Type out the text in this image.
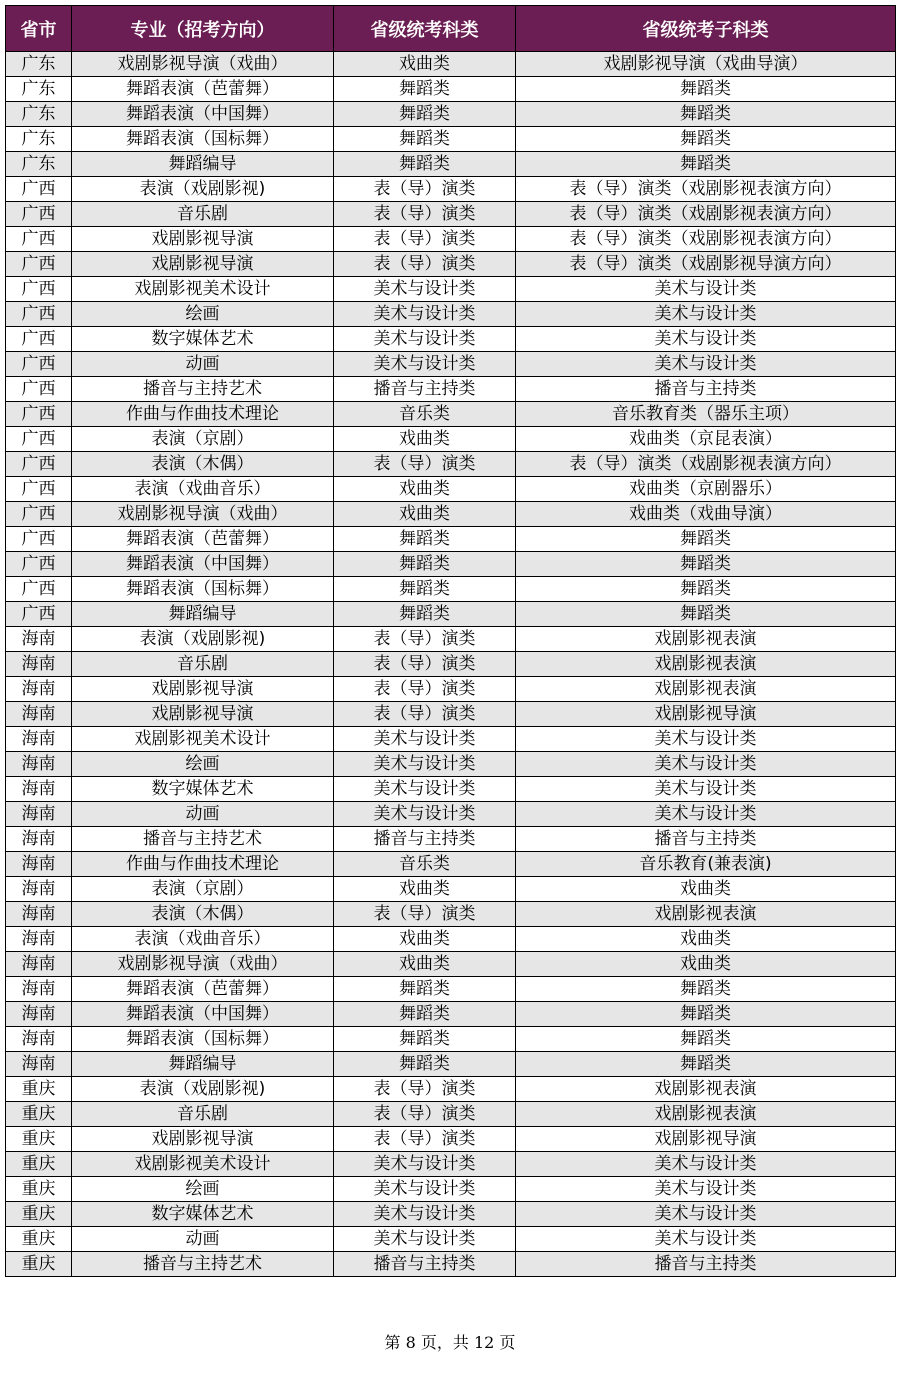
省市	专业（招考方向）	省级统考科类	省级统考子科类
广东	戏剧影视导演（戏曲）	戏曲类	戏剧影视导演（戏曲导演）
广东	舞蹈表演（芭蕾舞）	舞蹈类	舞蹈类
广东	舞蹈表演（中国舞）	舞蹈类	舞蹈类
广东	舞蹈表演（国标舞）	舞蹈类	舞蹈类
广东	舞蹈编导	舞蹈类	舞蹈类
广西	表演（戏剧影视)	表（导）演类	表（导）演类（戏剧影视表演方向）
广西	音乐剧	表（导）演类	表（导）演类（戏剧影视表演方向）
广西	戏剧影视导演	表（导）演类	表（导）演类（戏剧影视表演方向）
广西	戏剧影视导演	表（导）演类	表（导）演类（戏剧影视导演方向）
广西	戏剧影视美术设计	美术与设计类	美术与设计类
广西	绘画	美术与设计类	美术与设计类
广西	数字媒体艺术	美术与设计类	美术与设计类
广西	动画	美术与设计类	美术与设计类
广西	播音与主持艺术	播音与主持类	播音与主持类
广西	作曲与作曲技术理论	音乐类	音乐教育类（器乐主项）
广西	表演（京剧）	戏曲类	戏曲类（京昆表演）
广西	表演（木偶）	表（导）演类	表（导）演类（戏剧影视表演方向）
广西	表演（戏曲音乐）	戏曲类	戏曲类（京剧器乐）
广西	戏剧影视导演（戏曲）	戏曲类	戏曲类（戏曲导演）
广西	舞蹈表演（芭蕾舞）	舞蹈类	舞蹈类
广西	舞蹈表演（中国舞）	舞蹈类	舞蹈类
广西	舞蹈表演（国标舞）	舞蹈类	舞蹈类
广西	舞蹈编导	舞蹈类	舞蹈类
海南	表演（戏剧影视)	表（导）演类	戏剧影视表演
海南	音乐剧	表（导）演类	戏剧影视表演
海南	戏剧影视导演	表（导）演类	戏剧影视表演
海南	戏剧影视导演	表（导）演类	戏剧影视导演
海南	戏剧影视美术设计	美术与设计类	美术与设计类
海南	绘画	美术与设计类	美术与设计类
海南	数字媒体艺术	美术与设计类	美术与设计类
海南	动画	美术与设计类	美术与设计类
海南	播音与主持艺术	播音与主持类	播音与主持类
海南	作曲与作曲技术理论	音乐类	音乐教育(兼表演)
海南	表演（京剧）	戏曲类	戏曲类
海南	表演（木偶）	表（导）演类	戏剧影视表演
海南	表演（戏曲音乐）	戏曲类	戏曲类
海南	戏剧影视导演（戏曲）	戏曲类	戏曲类
海南	舞蹈表演（芭蕾舞）	舞蹈类	舞蹈类
海南	舞蹈表演（中国舞）	舞蹈类	舞蹈类
海南	舞蹈表演（国标舞）	舞蹈类	舞蹈类
海南	舞蹈编导	舞蹈类	舞蹈类
重庆	表演（戏剧影视)	表（导）演类	戏剧影视表演
重庆	音乐剧	表（导）演类	戏剧影视表演
重庆	戏剧影视导演	表（导）演类	戏剧影视导演
重庆	戏剧影视美术设计	美术与设计类	美术与设计类
重庆	绘画	美术与设计类	美术与设计类
重庆	数字媒体艺术	美术与设计类	美术与设计类
重庆	动画	美术与设计类	美术与设计类
重庆	播音与主持艺术	播音与主持类	播音与主持类
第 8 页，共 12 页
